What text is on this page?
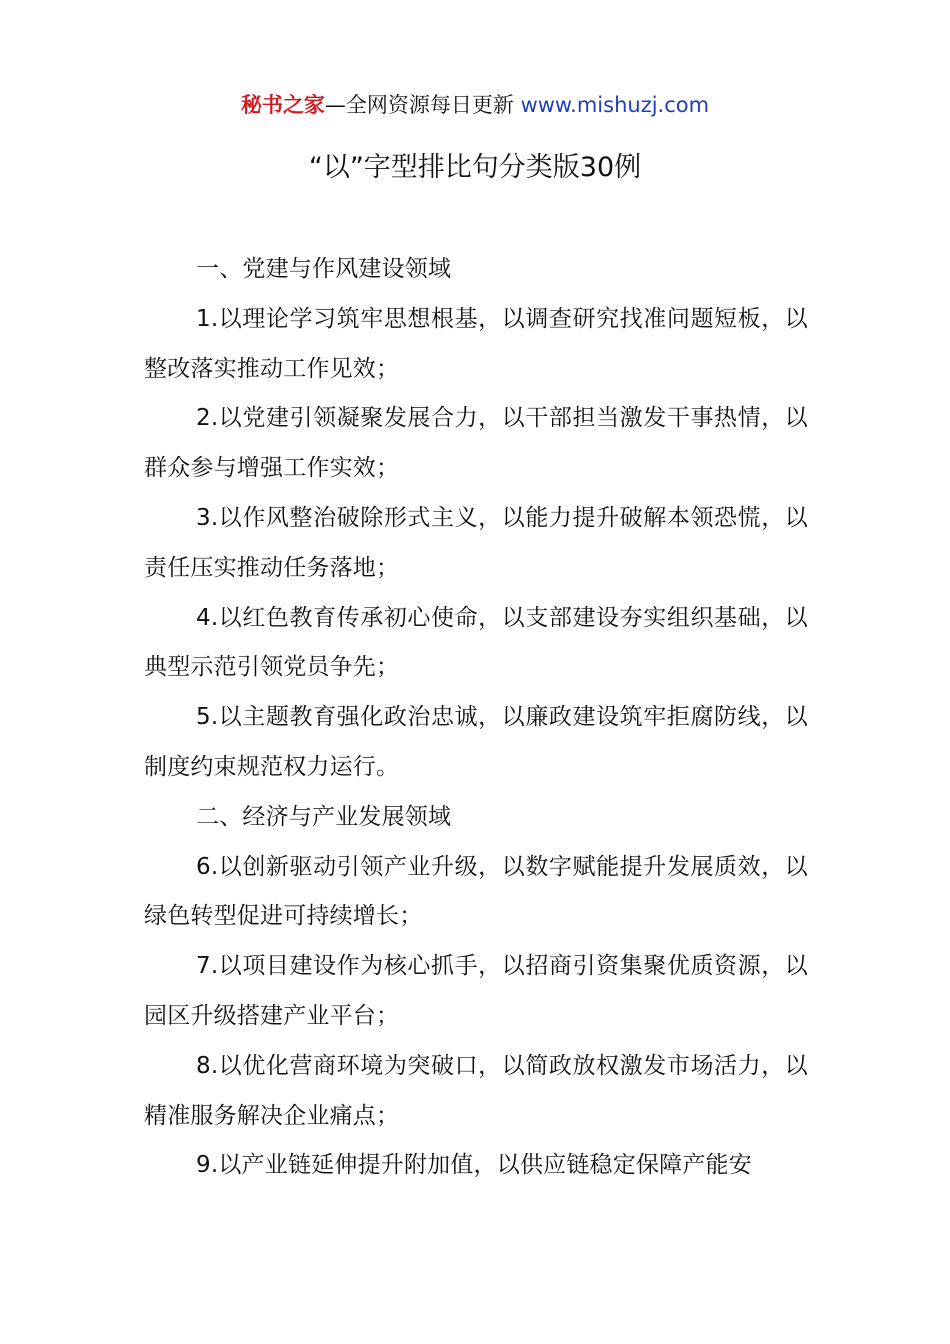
秘书之家—全网资源每日更新 www.mishuzj.com
“以”字型排比句分类版30例

一、党建与作风建设领域

1.以理论学习筑牢思想根基，以调查研究找准问题短板，以整改落实推动工作见效；

2.以党建引领凝聚发展合力，以干部担当激发干事热情，以群众参与增强工作实效；

3.以作风整治破除形式主义，以能力提升破解本领恐慌，以责任压实推动任务落地；

4.以红色教育传承初心使命，以支部建设夯实组织基础，以典型示范引领党员争先；

5.以主题教育强化政治忠诚，以廉政建设筑牢拒腐防线，以制度约束规范权力运行。

二、经济与产业发展领域

6.以创新驱动引领产业升级，以数字赋能提升发展质效，以绿色转型促进可持续增长；

7.以项目建设作为核心抓手，以招商引资集聚优质资源，以园区升级搭建产业平台；

8.以优化营商环境为突破口，以简政放权激发市场活力，以精准服务解决企业痛点；

9.以产业链延伸提升附加值，以供应链稳定保障产能安
